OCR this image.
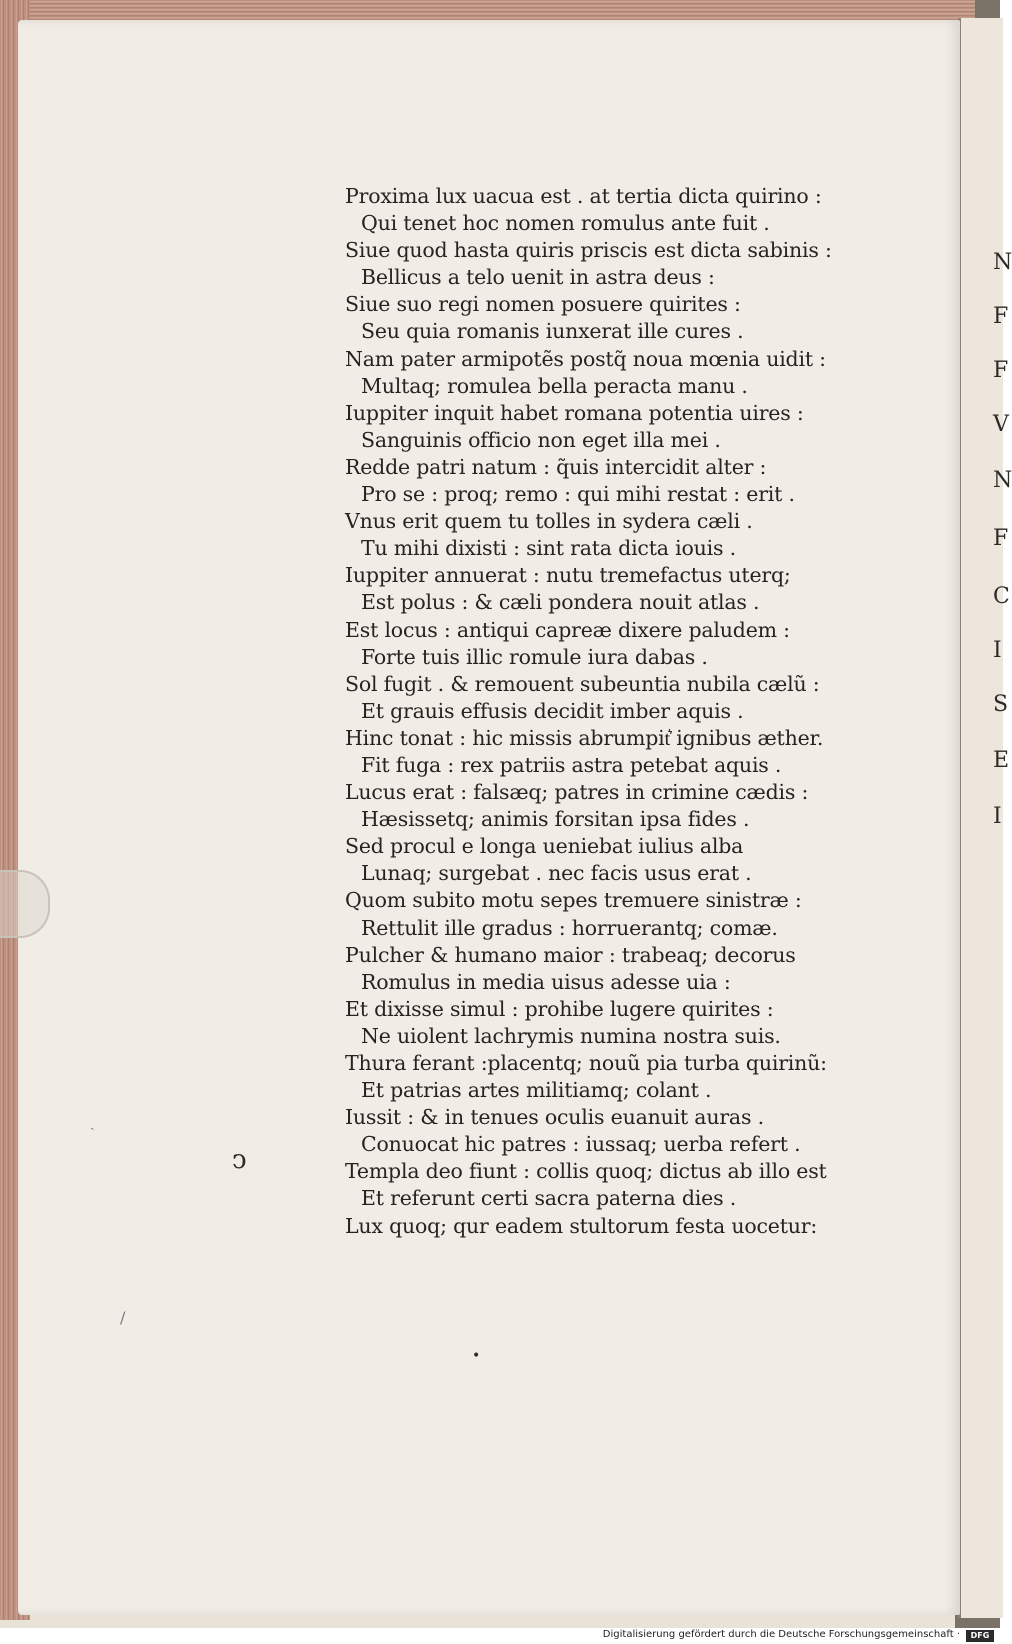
N
F
F
V
N
F
C
I
S
E
I
Proxima lux uacua est . at tertia dicta quirino :
Qui tenet hoc nomen romulus ante fuit .
Siue quod hasta quiris priscis est dicta sabinis :
Bellicus a telo uenit in astra deus :
Siue suo regi nomen posuere quirites :
Seu quia romanis iunxerat ille cures .
Nam pater armipotẽs postq̃ noua mœnia uidit :
Multaq; romulea bella peracta manu .
Iuppiter inquit habet romana potentia uires :
Sanguinis officio non eget illa mei .
Redde patri natum : q̃uis intercidit alter :
Pro se : proq; remo : qui mihi restat : erit .
Vnus erit quem tu tolles in sydera cæli .
Tu mihi dixisti : sint rata dicta iouis .
Iuppiter annuerat : nutu tremefactus uterq;
Est polus : & cæli pondera nouit atlas .
Est locus : antiqui capreæ dixere paludem :
Forte tuis illic romule iura dabas .
Sol fugit . & remouent subeuntia nubila cælũ :
Et grauis effusis decidit imber aquis .
Hinc tonat : hic missis abrumpit͛ ignibus æther.
Fit fuga : rex patriis astra petebat aquis .
Lucus erat : falsæq; patres in crimine cædis :
Hæsissetq; animis forsitan ipsa fides .
Sed procul e longa ueniebat iulius alba
Lunaq; surgebat . nec facis usus erat .
Quom subito motu sepes tremuere sinistræ :
Rettulit ille gradus : horruerantq; comæ.
Pulcher & humano maior : trabeaq; decorus
Romulus in media uisus adesse uia :
Et dixisse simul : prohibe lugere quirites :
Ne uiolent lachrymis numina nostra suis.
Thura ferant :placentq; nouũ pia turba quirinũ:
Et patrias artes militiamq; colant .
Iussit : & in tenues oculis euanuit auras .
Conuocat hic patres : iussaq; uerba refert .
Templa deo fiunt : collis quoq; dictus ab illo est
Et referunt certi sacra paterna dies .
Lux quoq; qur eadem stultorum festa uocetur:
ↄ
•
ˎ
/
Digitalisierung gefördert durch die Deutsche Forschungsgemeinschaft ·	DFG
